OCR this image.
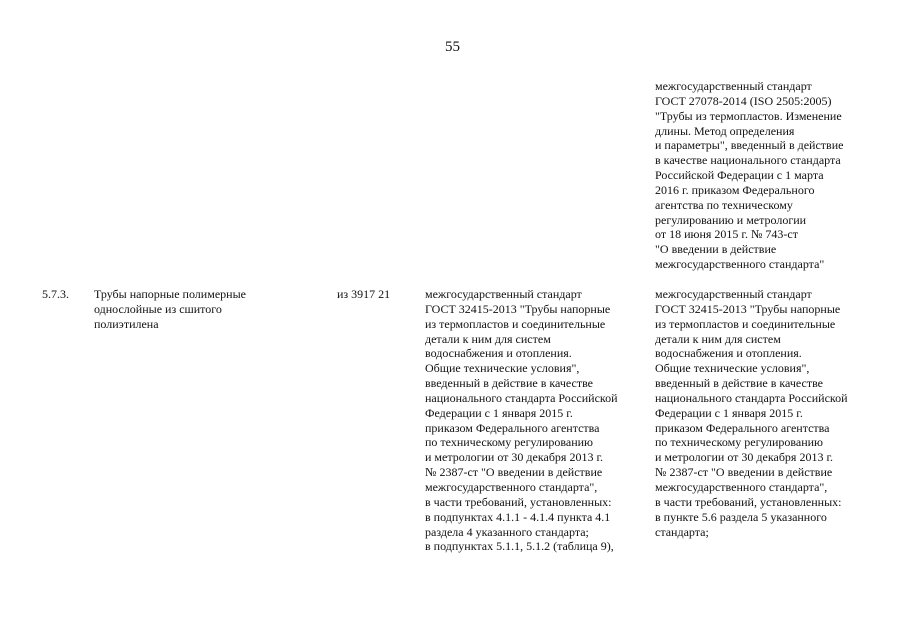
55
межгосударственный стандарт
ГОСТ 27078-2014 (ISO 2505:2005)
"Трубы из термопластов. Изменение
длины. Метод определения
и параметры", введенный в действие
в качестве национального стандарта
Российской Федерации с 1 марта
2016 г. приказом Федерального
агентства по техническому
регулированию и метрологии
от 18 июня 2015 г. № 743-ст
"О введении в действие
межгосударственного стандарта"
5.7.3. Трубы напорные полимерные
однослойные из сшитого
полиэтилена
из 3917 21	межгосударственный стандарт
ГОСТ 32415-2013 "Трубы напорные
из термопластов и соединительные
детали к ним для систем
водоснабжения и отопления.
Общие технические условия",
введенный в действие в качестве
национального стандарта Российской
Федерации с 1 января 2015 г.
приказом Федерального агентства
по техническому регулированию
и метрологии от 30 декабря 2013 г.
№ 2387-ст "О введении в действие
межгосударственного стандарта",
в части требований, установленных:
в подпунктах 4.1.1 - 4.1.4 пункта 4.1
раздела 4 указанного стандарта;
в подпунктах 5.1.1, 5.1.2 (таблица 9),
межгосударственный стандарт
ГОСТ 32415-2013 "Трубы напорные
из термопластов и соединительные
детали к ним для систем
водоснабжения и отопления.
Общие технические условия",
введенный в действие в качестве
национального стандарта Российской
Федерации с 1 января 2015 г.
приказом Федерального агентства
по техническому регулированию
и метрологии от 30 декабря 2013 г.
№ 2387-ст "О введении в действие
межгосударственного стандарта",
в части требований, установленных:
в пункте 5.6 раздела 5 указанного
стандарта;
